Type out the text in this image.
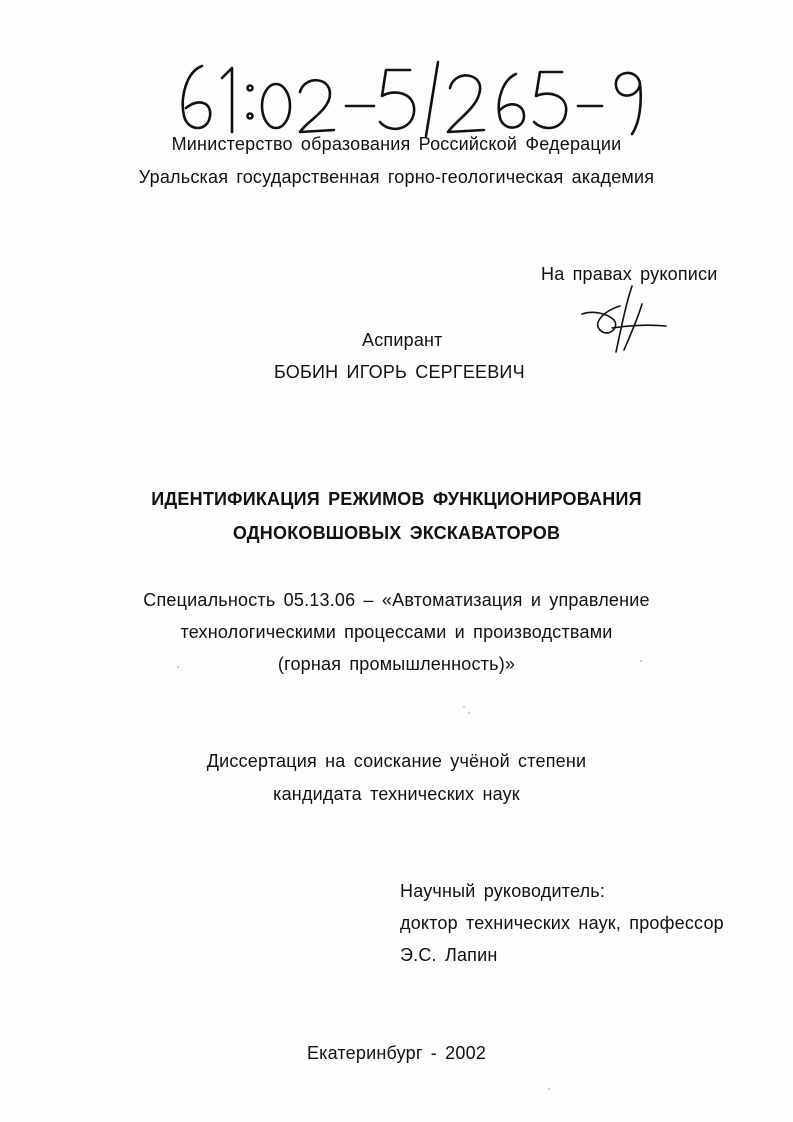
Министерство образования Российской Федерации
Уральская государственная горно-геологическая академия
На правах рукописи
Аспирант
БОБИН ИГОРЬ СЕРГЕЕВИЧ
ИДЕНТИФИКАЦИЯ РЕЖИМОВ ФУНКЦИОНИРОВАНИЯ
ОДНОКОВШОВЫХ ЭКСКАВАТОРОВ
Специальность 05.13.06 – «Автоматизация и управление
технологическими процессами и производствами
(горная промышленность)»
Диссертация на соискание учёной степени
кандидата технических наук
Научный руководитель:
доктор технических наук, профессор
Э.С. Лапин
Екатеринбург - 2002
